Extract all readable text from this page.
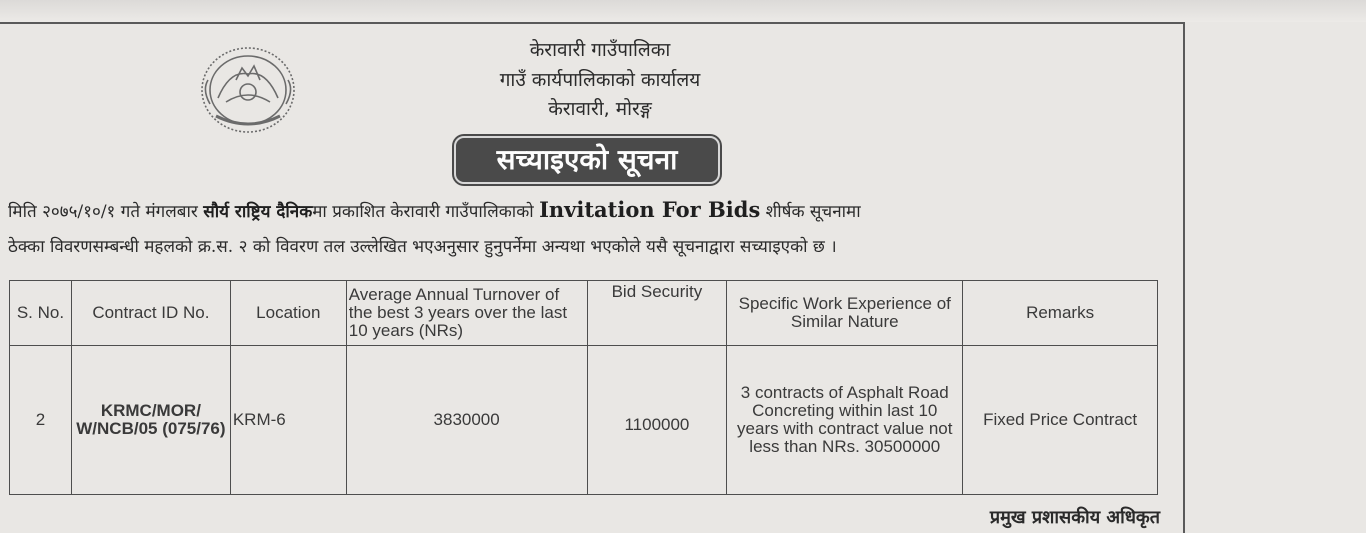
केरावारी गाउँपालिका
गाउँ कार्यपालिकाको कार्यालय
केरावारी, मोरङ्ग
सच्याइएको सूचना
मिति २०७५/१०/१ गते मंगलबार सौर्य राष्ट्रिय दैनिकमा प्रकाशित केरावारी गाउँपालिकाको Invitation For Bids शीर्षक सूचनामा
ठेक्का विवरणसम्बन्धी महलको क्र.स. २ को विवरण तल उल्लेखित भएअनुसार हुनुपर्नेमा अन्यथा भएकोले यसै सूचनाद्वारा सच्याइएको छ ।
S. No.	Contract ID No.	Location	Average Annual Turnover of the best 3 years over the last 10 years (NRs)	Bid Security	Specific Work Experience of Similar Nature	Remarks
2	KRMC/MOR/ W/NCB/05 (075/76)	KRM-6	3830000	1100000	3 contracts of Asphalt Road Concreting within last 10 years with contract value not less than NRs. 30500000	Fixed Price Contract
प्रमुख प्रशासकीय अधिकृत
